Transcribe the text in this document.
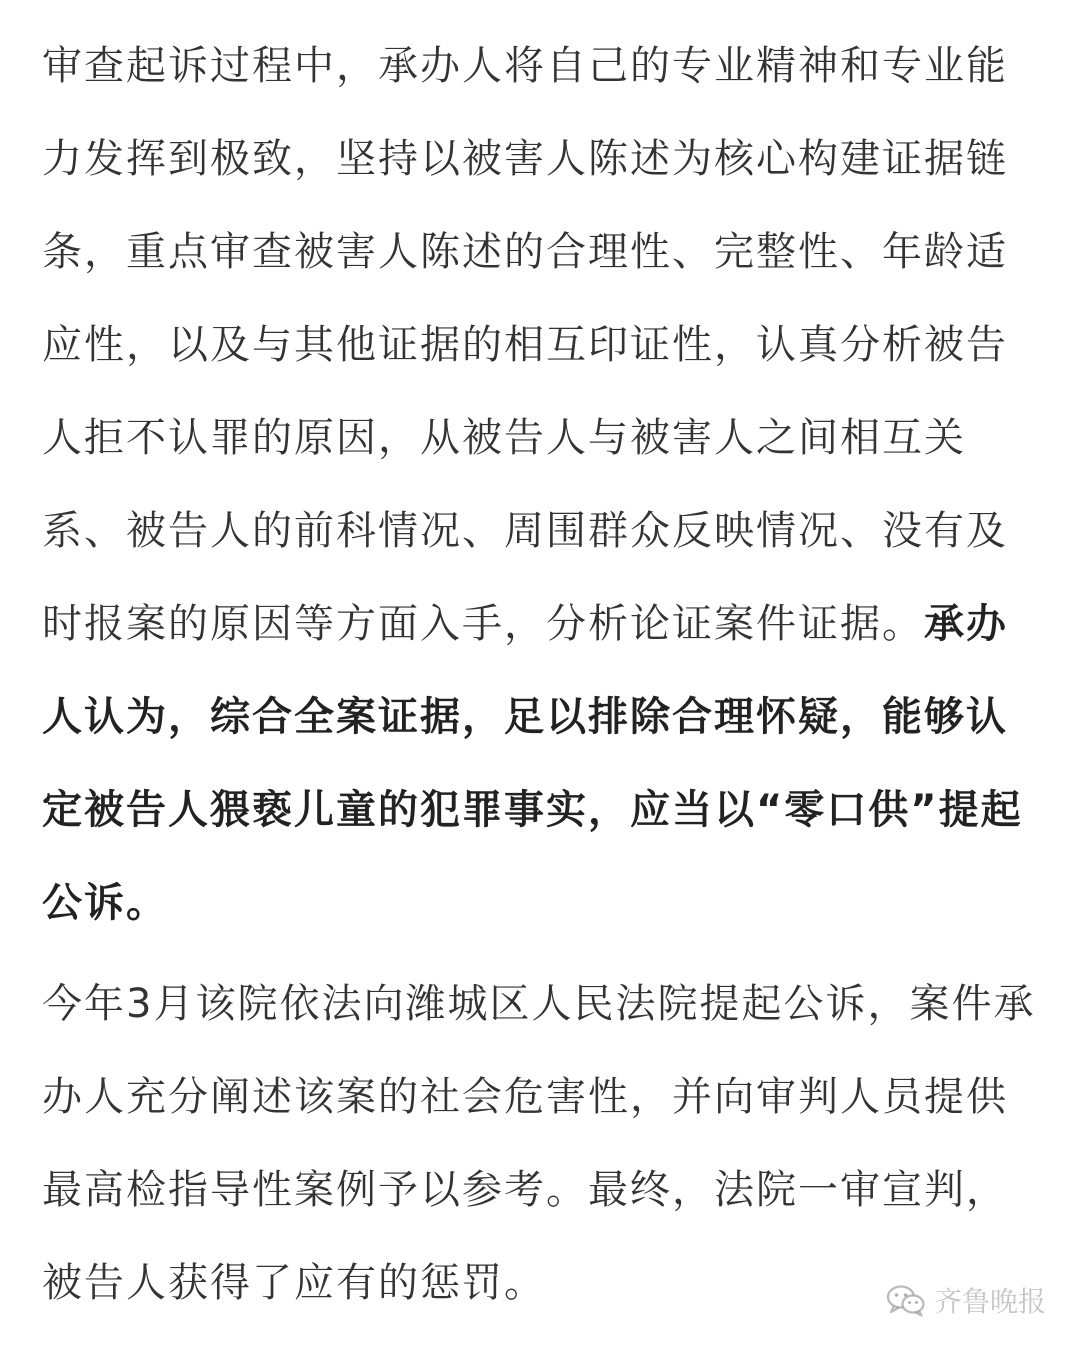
审查起诉过程中，承办人将自己的专业精神和专业能力发挥到极致，坚持以被害人陈述为核心构建证据链条，重点审查被害人陈述的合理性、完整性、年龄适应性，以及与其他证据的相互印证性，认真分析被告人拒不认罪的原因，从被告人与被害人之间相互关系、被告人的前科情况、周围群众反映情况、没有及时报案的原因等方面入手，分析论证案件证据。承办人认为，综合全案证据，足以排除合理怀疑，能够认定被告人猥亵儿童的犯罪事实，应当以“零口供”提起公诉。

今年3月该院依法向潍城区人民法院提起公诉，案件承办人充分阐述该案的社会危害性，并向审判人员提供最高检指导性案例予以参考。最终，法院一审宣判，被告人获得了应有的惩罚。	齐鲁晚报
